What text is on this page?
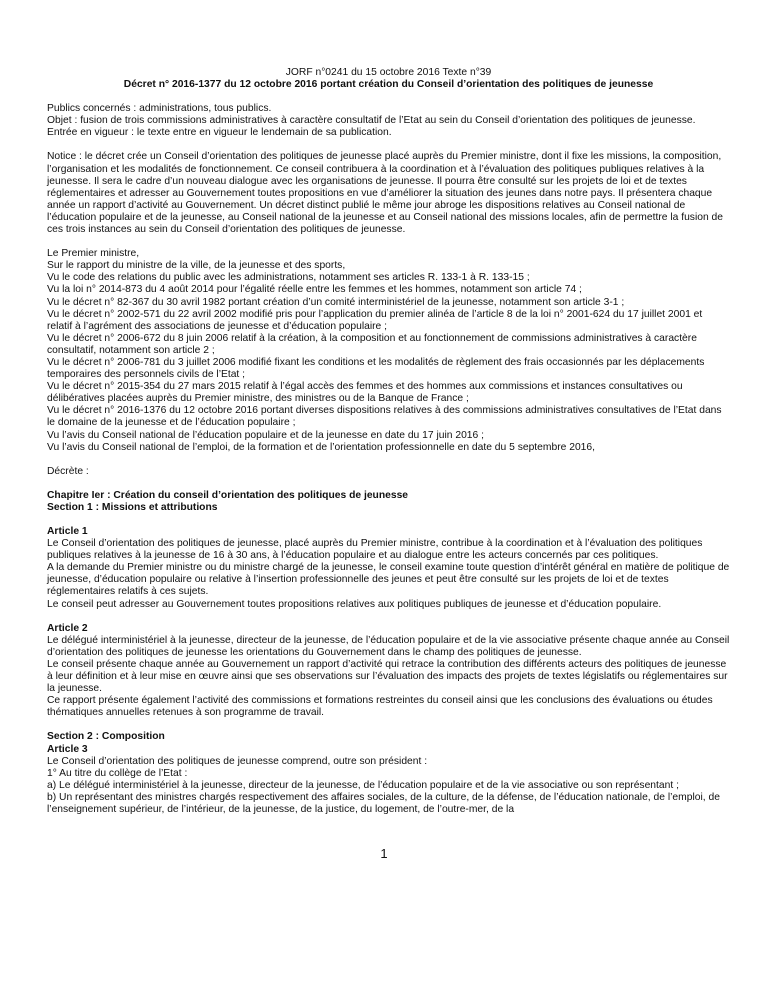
JORF n°0241 du 15 octobre 2016 Texte n°39

Décret n° 2016-1377 du 12 octobre 2016 portant création du Conseil d’orientation des politiques de jeunesse

Publics concernés : administrations, tous publics.

Objet : fusion de trois commissions administratives à caractère consultatif de l’Etat au sein du Conseil d’orientation des politiques de jeunesse.

Entrée en vigueur : le texte entre en vigueur le lendemain de sa publication.

Notice : le décret crée un Conseil d’orientation des politiques de jeunesse placé auprès du Premier ministre, dont il fixe les missions, la composition, l’organisation et les modalités de fonctionnement. Ce conseil contribuera à la coordination et à l’évaluation des politiques publiques relatives à la jeunesse. Il sera le cadre d’un nouveau dialogue avec les organisations de jeunesse. Il pourra être consulté sur les projets de loi et de textes réglementaires et adresser au Gouvernement toutes propositions en vue d’améliorer la situation des jeunes dans notre pays. Il présentera chaque année un rapport d’activité au Gouvernement. Un décret distinct publié le même jour abroge les dispositions relatives au Conseil national de l’éducation populaire et de la jeunesse, au Conseil national de la jeunesse et au Conseil national des missions locales, afin de permettre la fusion de ces trois instances au sein du Conseil d’orientation des politiques de jeunesse.

Le Premier ministre,

Sur le rapport du ministre de la ville, de la jeunesse et des sports,

Vu le code des relations du public avec les administrations, notamment ses articles R. 133-1 à R. 133-15 ;

Vu la loi n° 2014-873 du 4 août 2014 pour l’égalité réelle entre les femmes et les hommes, notamment son article 74 ;

Vu le décret n° 82-367 du 30 avril 1982 portant création d’un comité interministériel de la jeunesse, notamment son article 3-1 ;

Vu le décret n° 2002-571 du 22 avril 2002 modifié pris pour l’application du premier alinéa de l’article 8 de la loi n° 2001-624 du 17 juillet 2001 et relatif à l’agrément des associations de jeunesse et d’éducation populaire ;

Vu le décret n° 2006-672 du 8 juin 2006 relatif à la création, à la composition et au fonctionnement de commissions administratives à caractère consultatif, notamment son article 2 ;

Vu le décret n° 2006-781 du 3 juillet 2006 modifié fixant les conditions et les modalités de règlement des frais occasionnés par les déplacements temporaires des personnels civils de l’Etat ;

Vu le décret n° 2015-354 du 27 mars 2015 relatif à l’égal accès des femmes et des hommes aux commissions et instances consultatives ou délibératives placées auprès du Premier ministre, des ministres ou de la Banque de France ;

Vu le décret n° 2016-1376 du 12 octobre 2016 portant diverses dispositions relatives à des commissions administratives consultatives de l’Etat dans le domaine de la jeunesse et de l’éducation populaire ;

Vu l’avis du Conseil national de l’éducation populaire et de la jeunesse en date du 17 juin 2016 ;

Vu l’avis du Conseil national de l’emploi, de la formation et de l’orientation professionnelle en date du 5 septembre 2016,

Décrète :

Chapitre Ier : Création du conseil d’orientation des politiques de jeunesse

Section 1 : Missions et attributions

Article 1

Le Conseil d’orientation des politiques de jeunesse, placé auprès du Premier ministre, contribue à la coordination et à l’évaluation des politiques publiques relatives à la jeunesse de 16 à 30 ans, à l’éducation populaire et au dialogue entre les acteurs concernés par ces politiques.

A la demande du Premier ministre ou du ministre chargé de la jeunesse, le conseil examine toute question d’intérêt général en matière de politique de jeunesse, d’éducation populaire ou relative à l’insertion professionnelle des jeunes et peut être consulté sur les projets de loi et de textes réglementaires relatifs à ces sujets.

Le conseil peut adresser au Gouvernement toutes propositions relatives aux politiques publiques de jeunesse et d’éducation populaire.

Article 2

Le délégué interministériel à la jeunesse, directeur de la jeunesse, de l’éducation populaire et de la vie associative présente chaque année au Conseil d’orientation des politiques de jeunesse les orientations du Gouvernement dans le champ des politiques de jeunesse.

Le conseil présente chaque année au Gouvernement un rapport d’activité qui retrace la contribution des différents acteurs des politiques de jeunesse à leur définition et à leur mise en œuvre ainsi que ses observations sur l’évaluation des impacts des projets de textes législatifs ou réglementaires sur la jeunesse.

Ce rapport présente également l’activité des commissions et formations restreintes du conseil ainsi que les conclusions des évaluations ou études thématiques annuelles retenues à son programme de travail.

Section 2 : Composition

Article 3

Le Conseil d’orientation des politiques de jeunesse comprend, outre son président :

1° Au titre du collège de l’Etat :

a) Le délégué interministériel à la jeunesse, directeur de la jeunesse, de l’éducation populaire et de la vie associative ou son représentant ;

b) Un représentant des ministres chargés respectivement des affaires sociales, de la culture, de la défense, de l’éducation nationale, de l’emploi, de l’enseignement supérieur, de l’intérieur, de la jeunesse, de la justice, du logement, de l’outre-mer, de la

1
